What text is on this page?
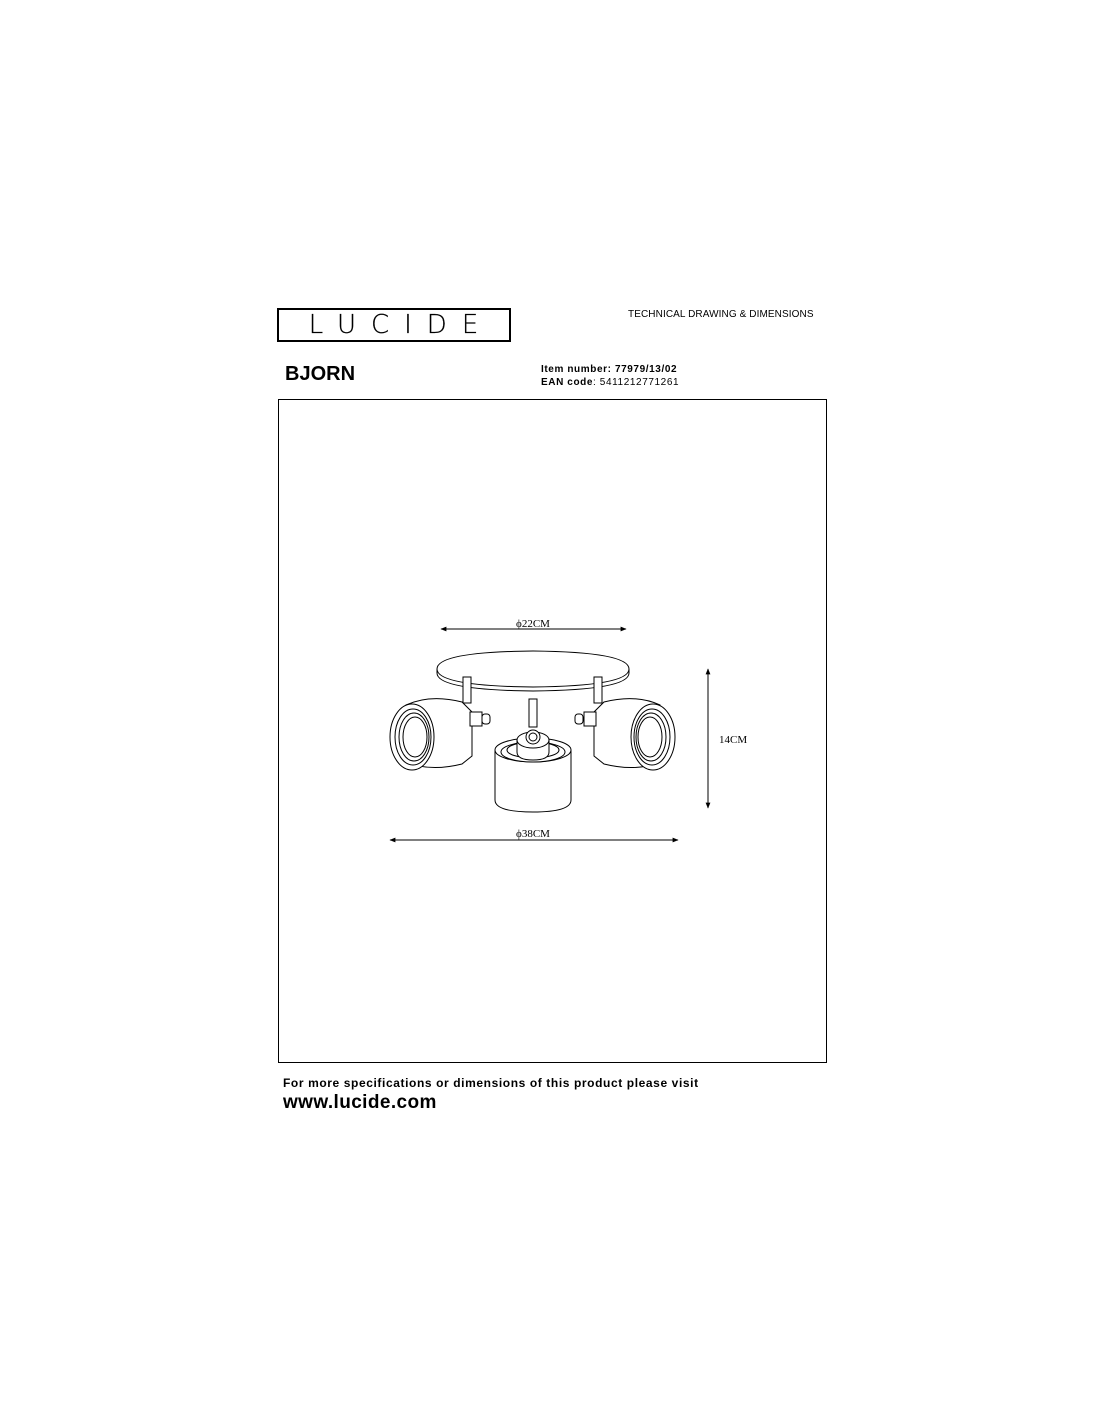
LUCIDE	TECHNICAL DRAWING & DIMENSIONS
BJORN	Item number: 77979/13/02
EAN code: 5411212771261
ϕ22CM
ϕ38CM
14CM
For more specifications or dimensions of this product please visit
www.lucide.com
